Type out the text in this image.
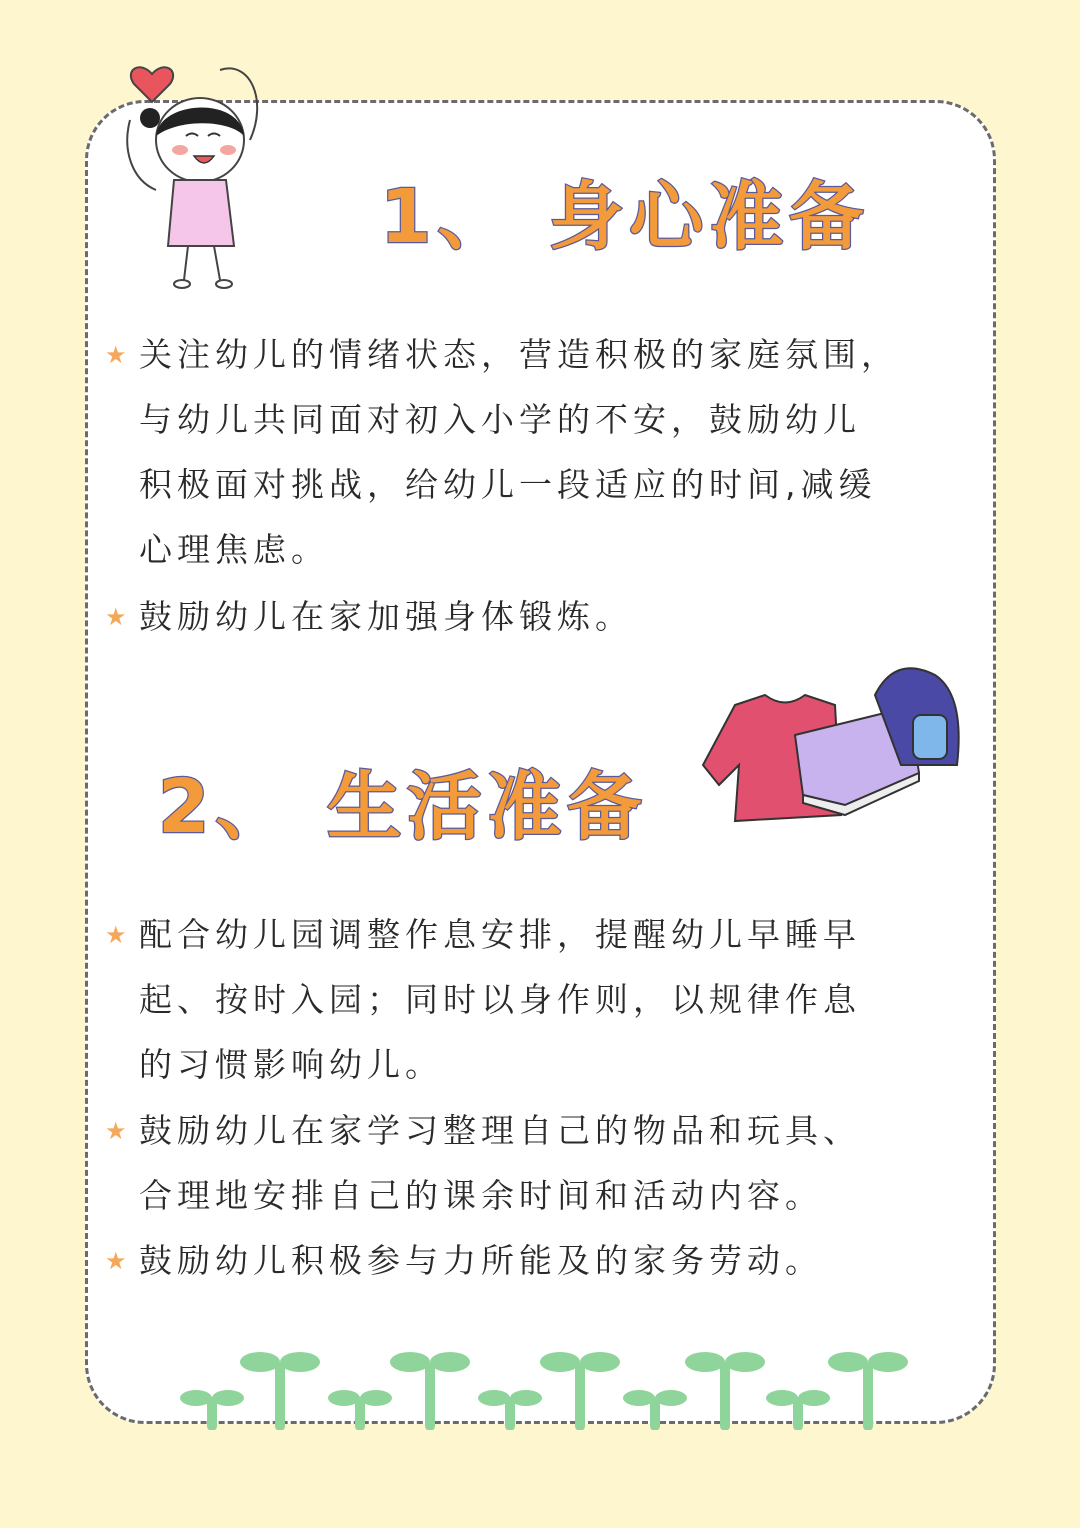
1、 身心准备
★ 关注幼儿的情绪状态，营造积极的家庭氛围，
与幼儿共同面对初入小学的不安，鼓励幼儿
积极面对挑战，给幼儿一段适应的时间,减缓
心理焦虑。
★ 鼓励幼儿在家加强身体锻炼。
2、 生活准备
★ 配合幼儿园调整作息安排，提醒幼儿早睡早
起、按时入园；同时以身作则，以规律作息
的习惯影响幼儿。
★ 鼓励幼儿在家学习整理自己的物品和玩具、
合理地安排自己的课余时间和活动内容。
★ 鼓励幼儿积极参与力所能及的家务劳动。
